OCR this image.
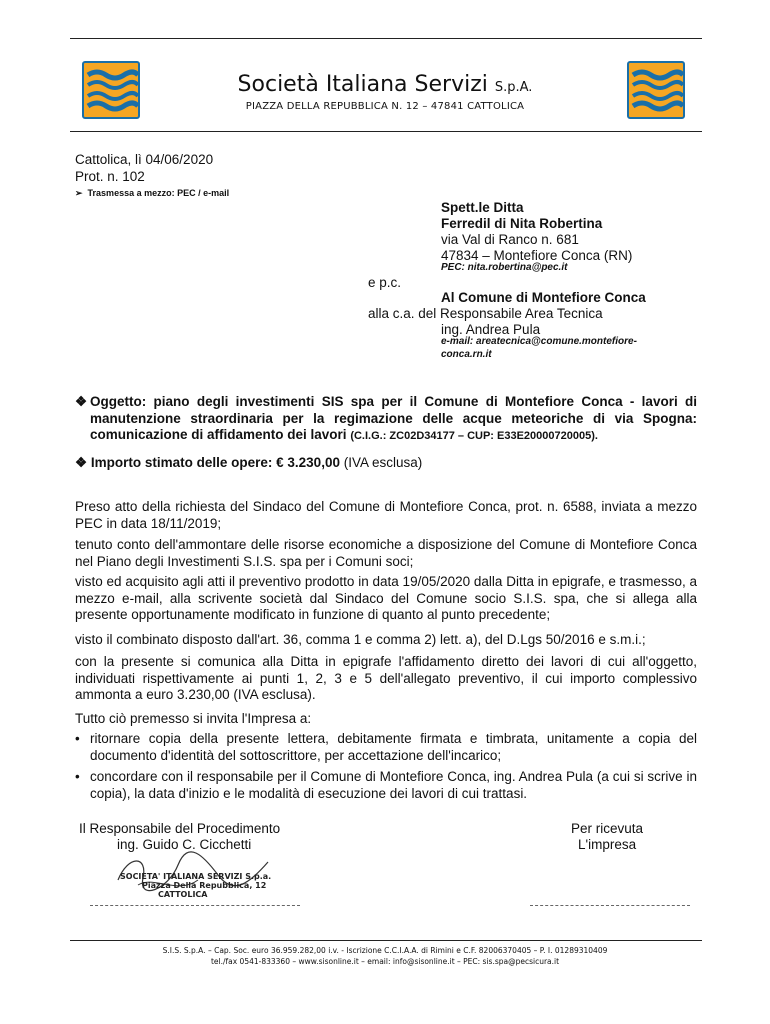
Società Italiana Servizi S.p.A.
PIAZZA DELLA REPUBBLICA N. 12 – 47841 CATTOLICA
Cattolica, lì 04/06/2020
Prot. n. 102
➢  Trasmessa a mezzo: PEC / e-mail
Spett.le Ditta
Ferredil di Nita Robertina
via Val di Ranco n. 681
47834 – Montefiore Conca (RN)
PEC: nita.robertina@pec.it
e p.c.
Al Comune di Montefiore Conca
alla c.a. del Responsabile Area Tecnica
ing. Andrea Pula
e-mail: areatecnica@comune.montefiore-
conca.rn.it
❖ Oggetto: piano degli investimenti SIS spa per il Comune di Montefiore Conca - lavori di manutenzione straordinaria per la regimazione delle acque meteoriche di via Spogna: comunicazione di affidamento dei lavori (C.I.G.: ZC02D34177 – CUP: E33E20000720005).
❖ Importo stimato delle opere: € 3.230,00 (IVA esclusa)
Preso atto della richiesta del Sindaco del Comune di Montefiore Conca, prot. n. 6588, inviata a mezzo PEC in data 18/11/2019;
tenuto conto dell'ammontare delle risorse economiche a disposizione del Comune di Montefiore Conca nel Piano degli Investimenti S.I.S. spa per i Comuni soci;
visto ed acquisito agli atti il preventivo prodotto in data 19/05/2020 dalla Ditta in epigrafe, e trasmesso, a mezzo e-mail, alla scrivente società dal Sindaco del Comune socio S.I.S. spa, che si allega alla presente opportunamente modificato in funzione di quanto al punto precedente;
visto il combinato disposto dall'art. 36, comma 1 e comma 2) lett. a), del D.Lgs 50/2016 e s.m.i.;
con la presente si comunica alla Ditta in epigrafe l'affidamento diretto dei lavori di cui all'oggetto, individuati rispettivamente ai punti 1, 2, 3 e 5 dell'allegato preventivo, il cui importo complessivo ammonta a euro 3.230,00 (IVA esclusa).
Tutto ciò premesso si invita l'Impresa a:
• ritornare copia della presente lettera, debitamente firmata e timbrata, unitamente a copia del documento d'identità del sottoscrittore, per accettazione dell'incarico;
• concordare con il responsabile per il Comune di Montefiore Conca, ing. Andrea Pula (a cui si scrive in copia), la data d'inizio e le modalità di esecuzione dei lavori di cui trattasi.
Il Responsabile del Procedimento
ing. Guido C. Cicchetti
Per ricevuta
L'impresa
SOCIETA' ITALIANA SERVIZI S.p.a.
Piazza Della Repubblica, 12
CATTOLICA
S.I.S. S.p.A. – Cap. Soc. euro 36.959.282,00 i.v. - Iscrizione C.C.I.A.A. di Rimini e C.F. 82006370405 – P. I. 01289310409
tel./fax 0541-833360 – www.sisonline.it – email: info@sisonline.it – PEC: sis.spa@pecsicura.it
